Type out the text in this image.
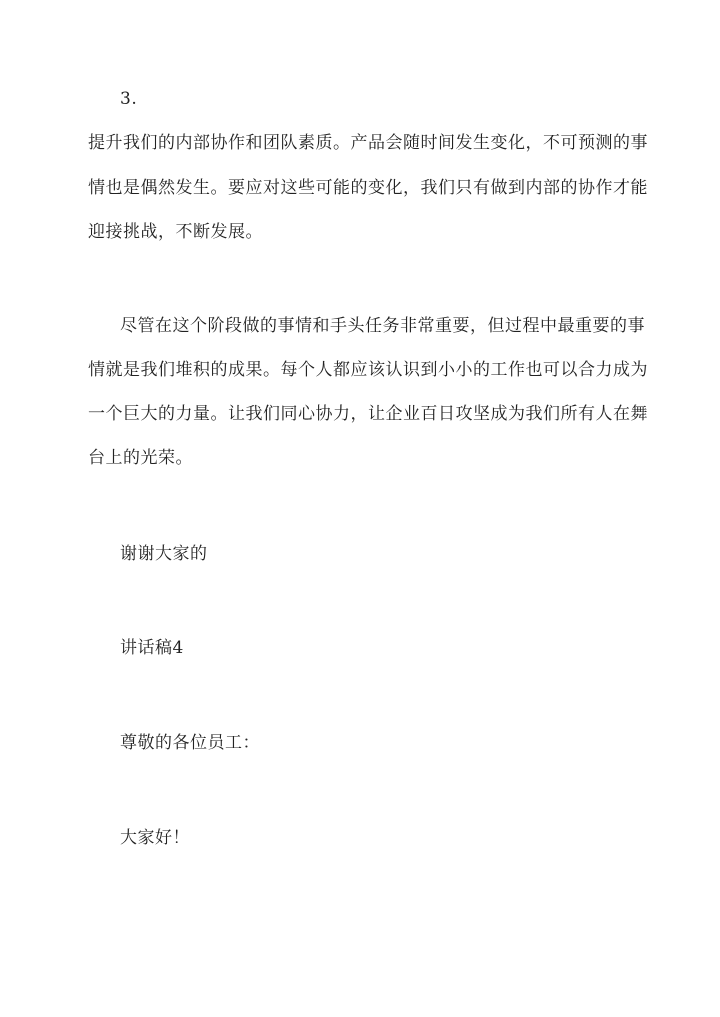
3.

提升我们的内部协作和团队素质。产品会随时间发生变化，不可预测的事

情也是偶然发生。要应对这些可能的变化，我们只有做到内部的协作才能

迎接挑战，不断发展。

尽管在这个阶段做的事情和手头任务非常重要，但过程中最重要的事

情就是我们堆积的成果。每个人都应该认识到小小的工作也可以合力成为

一个巨大的力量。让我们同心协力，让企业百日攻坚成为我们所有人在舞

台上的光荣。

谢谢大家的

讲话稿4

尊敬的各位员工：

大家好！
